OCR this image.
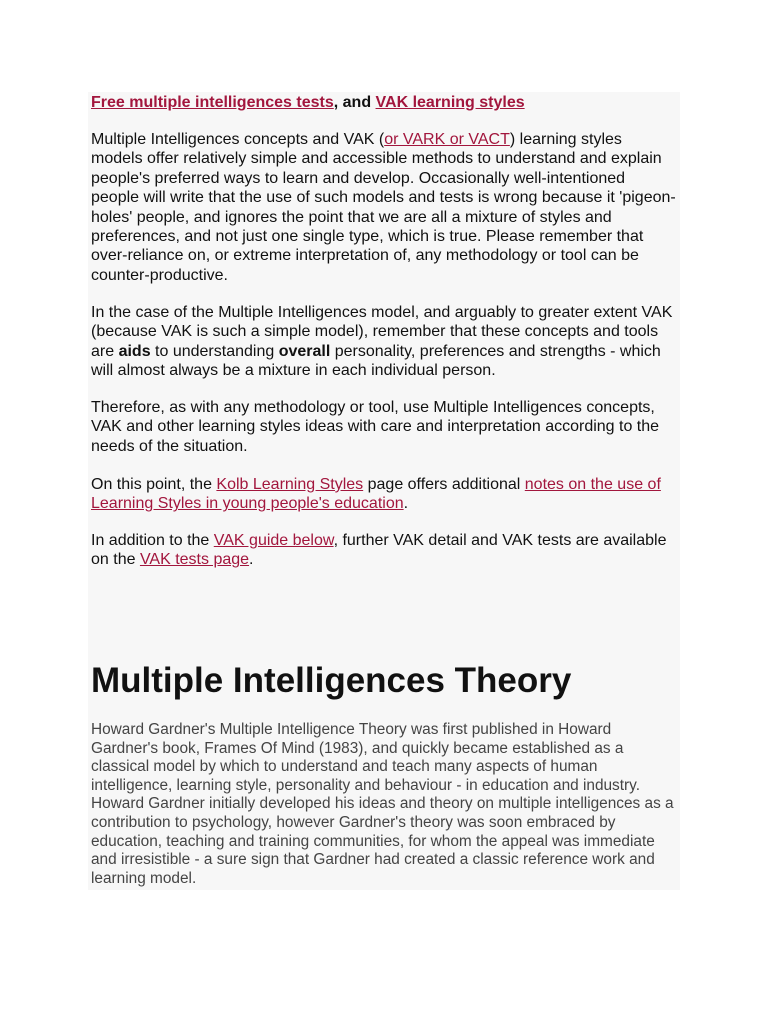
Free multiple intelligences tests, and VAK learning styles

Multiple Intelligences concepts and VAK (or VARK or VACT) learning styles models offer relatively simple and accessible methods to understand and explain people's preferred ways to learn and develop. Occasionally well-intentioned people will write that the use of such models and tests is wrong because it 'pigeon-holes' people, and ignores the point that we are all a mixture of styles and preferences, and not just one single type, which is true. Please remember that over-reliance on, or extreme interpretation of, any methodology or tool can be counter-productive.

In the case of the Multiple Intelligences model, and arguably to greater extent VAK (because VAK is such a simple model), remember that these concepts and tools are aids to understanding overall personality, preferences and strengths - which will almost always be a mixture in each individual person.

Therefore, as with any methodology or tool, use Multiple Intelligences concepts, VAK and other learning styles ideas with care and interpretation according to the needs of the situation.

On this point, the Kolb Learning Styles page offers additional notes on the use of Learning Styles in young people's education.

In addition to the VAK guide below, further VAK detail and VAK tests are available on the VAK tests page.

Multiple Intelligences Theory

Howard Gardner's Multiple Intelligence Theory was first published in Howard Gardner's book, Frames Of Mind (1983), and quickly became established as a classical model by which to understand and teach many aspects of human intelligence, learning style, personality and behaviour - in education and industry. Howard Gardner initially developed his ideas and theory on multiple intelligences as a contribution to psychology, however Gardner's theory was soon embraced by education, teaching and training communities, for whom the appeal was immediate and irresistible - a sure sign that Gardner had created a classic reference work and learning model.
